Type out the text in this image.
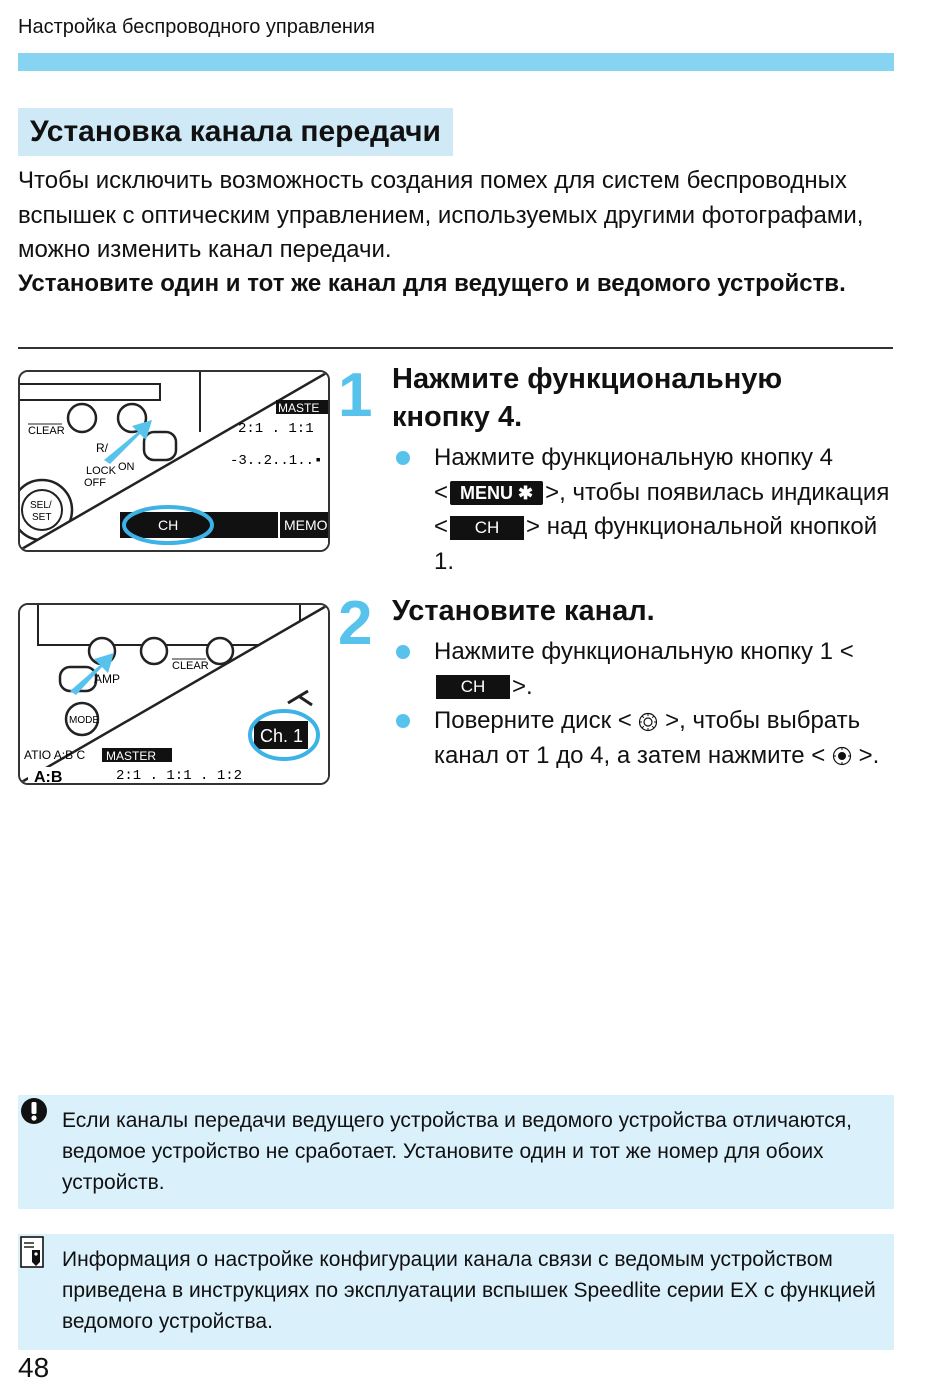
Настройка беспроводного управления
Установка канала передачи
Чтобы исключить возможность создания помех для систем беспроводных вспышек с оптическим управлением, используемых другими фотографами, можно изменить канал передачи.
Установите один и тот же канал для ведущего и ведомого устройств.
CLEAR
R/
LOCK ON
OFF
SEL/
SET
MASTE
2:1 . 1:1
-3..2..1..▪
CH	MEMO
1 Нажмите функциональную кнопку 4.
Нажмите функциональную кнопку 4
< MENU ✱ >, чтобы появилась индикация < CH > над функциональной кнопкой 1.
CLEAR
AMP
MODE
Ch. 1
ATIO A:B C MASTER
2:1 . 1:1 . 1:2
A:B
2 Установите канал.
Нажмите функциональную кнопку 1 <CH >.
Поверните диск < >, чтобы выбрать канал от 1 до 4, а затем нажмите < >.
Если каналы передачи ведущего устройства и ведомого устройства отличаются, ведомое устройство не сработает. Установите один и тот же номер для обоих устройств.
Информация о настройке конфигурации канала связи с ведомым устройством приведена в инструкциях по эксплуатации вспышек Speedlite серии EX с функцией ведомого устройства.
48
